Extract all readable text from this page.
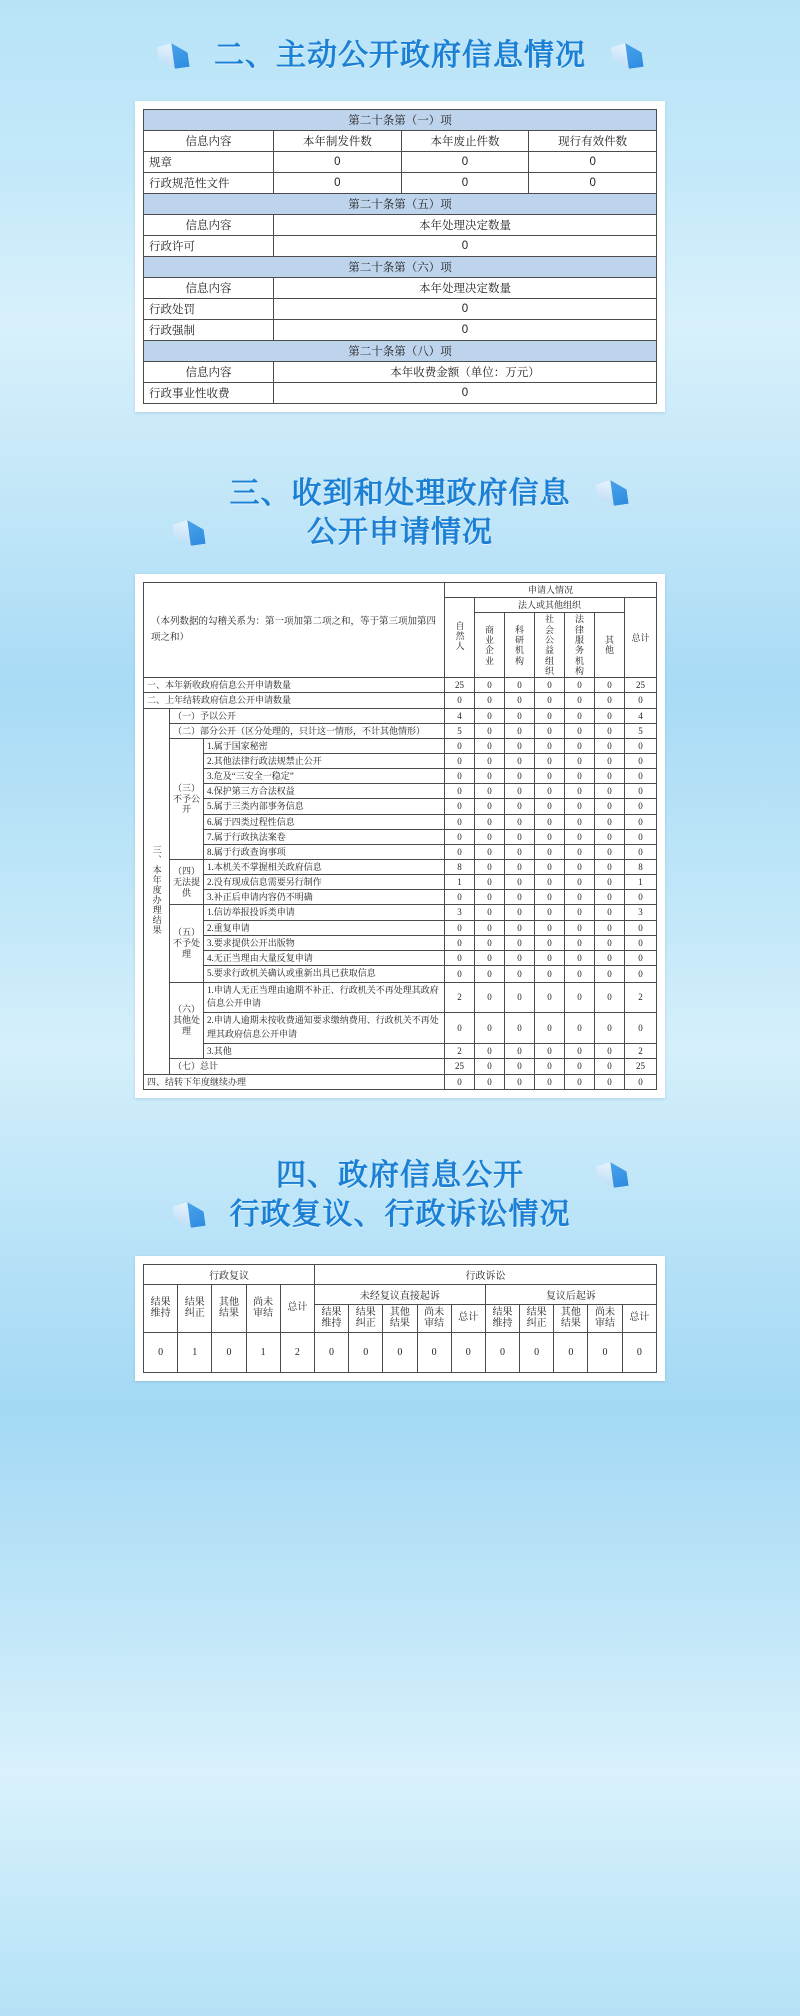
二、主动公开政府信息情况
第二十条第（一）项			
信息内容	本年制发件数	本年废止件数	现行有效件数
规章	0	0	0
行政规范性文件	0	0	0
第二十条第（五）项			
信息内容	本年处理决定数量		
行政许可	0		
第二十条第（六）项			
信息内容	本年处理决定数量		
行政处罚	0		
行政强制	0		
第二十条第（八）项			
信息内容	本年收费金额（单位：万元）		
行政事业性收费	0		
三、收到和处理政府信息
公开申请情况
（本列数据的勾稽关系为：第一项加第二项之和，等于第三项加第四项之和）			申请人情况						
			自然人	法人或其他组织					总计
				商业企业	科研机构	社会公益组织	法律服务机构	其他	
一、本年新收政府信息公开申请数量			25	0	0	0	0	0	25
二、上年结转政府信息公开申请数量			0	0	0	0	0	0	0
三、本年度办理结果	（一）予以公开		4	0	0	0	0	0	4
	（二）部分公开（区分处理的，只计这一情形，不计其他情形）		5	0	0	0	0	0	5
	（三）不予公开	1.属于国家秘密	0	0	0	0	0	0	0
		2.其他法律行政法规禁止公开	0	0	0	0	0	0	0
		3.危及“三安全一稳定”	0	0	0	0	0	0	0
		4.保护第三方合法权益	0	0	0	0	0	0	0
		5.属于三类内部事务信息	0	0	0	0	0	0	0
		6.属于四类过程性信息	0	0	0	0	0	0	0
		7.属于行政执法案卷	0	0	0	0	0	0	0
		8.属于行政查询事项	0	0	0	0	0	0	0
	（四）无法提供	1.本机关不掌握相关政府信息	8	0	0	0	0	0	8
		2.没有现成信息需要另行制作	1	0	0	0	0	0	1
		3.补正后申请内容仍不明确	0	0	0	0	0	0	0
	（五）不予处理	1.信访举报投诉类申请	3	0	0	0	0	0	3
		2.重复申请	0	0	0	0	0	0	0
		3.要求提供公开出版物	0	0	0	0	0	0	0
		4.无正当理由大量反复申请	0	0	0	0	0	0	0
		5.要求行政机关确认或重新出具已获取信息	0	0	0	0	0	0	0
	（六）其他处理	1.申请人无正当理由逾期不补正、行政机关不再处理其政府信息公开申请	2	0	0	0	0	0	2
		2.申请人逾期未按收费通知要求缴纳费用、行政机关不再处理其政府信息公开申请	0	0	0	0	0	0	0
		3.其他	2	0	0	0	0	0	2
	（七）总计		25	0	0	0	0	0	25
四、结转下年度继续办理			0	0	0	0	0	0	0
四、政府信息公开
行政复议、行政诉讼情况
行政复议					行政诉讼									
结果维持	结果纠正	其他结果	尚未审结	总计	未经复议直接起诉					复议后起诉				
					结果维持	结果纠正	其他结果	尚未审结	总计	结果维持	结果纠正	其他结果	尚未审结	总计
0	1	0	1	2	0	0	0	0	0	0	0	0	0	0
